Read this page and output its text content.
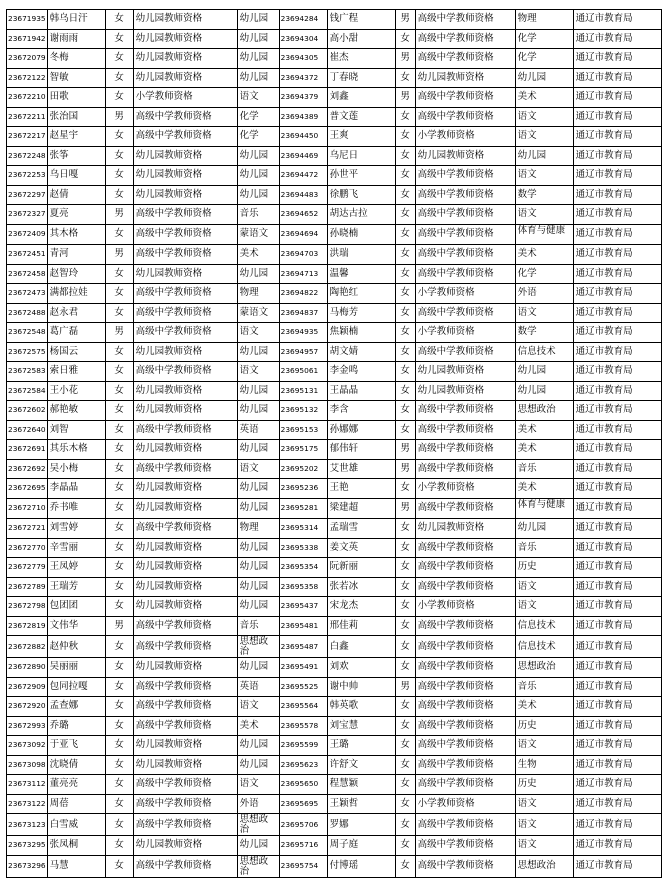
23671935	韩乌日汗	女	幼儿园教师资格	幼儿园	23694284	钱广程	男	高级中学教师资格	物理	通辽市教育局
23671942	谢雨雨	女	幼儿园教师资格	幼儿园	23694304	高小甜	女	高级中学教师资格	化学	通辽市教育局
23672079	冬梅	女	幼儿园教师资格	幼儿园	23694305	崔杰	男	高级中学教师资格	化学	通辽市教育局
23672122	智敏	女	幼儿园教师资格	幼儿园	23694372	丁春晓	女	幼儿园教师资格	幼儿园	通辽市教育局
23672210	田歌	女	小学教师资格	语文	23694379	刘鑫	男	高级中学教师资格	美术	通辽市教育局
23672211	张治国	男	高级中学教师资格	化学	23694389	普文莲	女	高级中学教师资格	语文	通辽市教育局
23672217	赵星宇	女	高级中学教师资格	化学	23694450	王爽	女	小学教师资格	语文	通辽市教育局
23672248	张筝	女	幼儿园教师资格	幼儿园	23694469	乌尼日	女	幼儿园教师资格	幼儿园	通辽市教育局
23672253	乌日嘎	女	幼儿园教师资格	幼儿园	23694472	孙世平	女	高级中学教师资格	语文	通辽市教育局
23672297	赵倩	女	幼儿园教师资格	幼儿园	23694483	徐鹏飞	女	高级中学教师资格	数学	通辽市教育局
23672327	夏亮	男	高级中学教师资格	音乐	23694652	胡达古拉	女	高级中学教师资格	语文	通辽市教育局
23672409	其木格	女	高级中学教师资格	蒙语文	23694694	孙晓楠	女	高级中学教师资格	体育与健康	通辽市教育局
23672451	青河	男	高级中学教师资格	美术	23694703	洪瑞	女	高级中学教师资格	美术	通辽市教育局
23672458	赵智玲	女	幼儿园教师资格	幼儿园	23694713	温馨	女	高级中学教师资格	化学	通辽市教育局
23672473	满都拉娃	女	高级中学教师资格	物理	23694822	陶艳红	女	小学教师资格	外语	通辽市教育局
23672488	赵永君	女	高级中学教师资格	蒙语文	23694837	马梅芳	女	高级中学教师资格	语文	通辽市教育局
23672548	葛广磊	男	高级中学教师资格	语文	23694935	焦颖楠	女	小学教师资格	数学	通辽市教育局
23672575	杨国云	女	幼儿园教师资格	幼儿园	23694957	胡文婧	女	高级中学教师资格	信息技术	通辽市教育局
23672583	索日雅	女	高级中学教师资格	语文	23695061	李金鸣	女	幼儿园教师资格	幼儿园	通辽市教育局
23672584	王小花	女	幼儿园教师资格	幼儿园	23695131	王晶晶	女	幼儿园教师资格	幼儿园	通辽市教育局
23672602	郝艳敏	女	幼儿园教师资格	幼儿园	23695132	李含	女	高级中学教师资格	思想政治	通辽市教育局
23672640	刘智	女	高级中学教师资格	英语	23695153	孙娜娜	女	高级中学教师资格	美术	通辽市教育局
23672691	其乐木格	女	幼儿园教师资格	幼儿园	23695175	郁伟轩	男	高级中学教师资格	美术	通辽市教育局
23672692	吴小梅	女	高级中学教师资格	语文	23695202	艾世雄	男	高级中学教师资格	音乐	通辽市教育局
23672695	李晶晶	女	幼儿园教师资格	幼儿园	23695236	王艳	女	小学教师资格	美术	通辽市教育局
23672710	乔书唯	女	幼儿园教师资格	幼儿园	23695281	梁建超	男	高级中学教师资格	体育与健康	通辽市教育局
23672721	刘雪婷	女	高级中学教师资格	物理	23695314	孟瑞雪	女	幼儿园教师资格	幼儿园	通辽市教育局
23672770	辛雪丽	女	幼儿园教师资格	幼儿园	23695338	姜文英	女	高级中学教师资格	音乐	通辽市教育局
23672779	王凤婷	女	幼儿园教师资格	幼儿园	23695354	阮新丽	女	高级中学教师资格	历史	通辽市教育局
23672789	王瑞芳	女	幼儿园教师资格	幼儿园	23695358	张若冰	女	高级中学教师资格	语文	通辽市教育局
23672798	包团团	女	幼儿园教师资格	幼儿园	23695437	宋龙杰	女	小学教师资格	语文	通辽市教育局
23672819	文伟华	男	高级中学教师资格	音乐	23695481	邢佳莉	女	高级中学教师资格	信息技术	通辽市教育局
23672882	赵仲秋	女	高级中学教师资格	思想政治	23695487	白鑫	女	高级中学教师资格	信息技术	通辽市教育局
23672890	吴丽丽	女	幼儿园教师资格	幼儿园	23695491	刘欢	女	高级中学教师资格	思想政治	通辽市教育局
23672909	包同拉嘎	女	高级中学教师资格	英语	23695525	谢中帅	男	高级中学教师资格	音乐	通辽市教育局
23672920	孟查娜	女	高级中学教师资格	语文	23695564	韩英歌	女	高级中学教师资格	美术	通辽市教育局
23672993	乔璐	女	高级中学教师资格	美术	23695578	刘宝慧	女	高级中学教师资格	历史	通辽市教育局
23673092	于亚飞	女	幼儿园教师资格	幼儿园	23695599	王璐	女	高级中学教师资格	语文	通辽市教育局
23673098	沈晓倩	女	幼儿园教师资格	幼儿园	23695623	许舒文	女	高级中学教师资格	生物	通辽市教育局
23673112	董亮亮	女	高级中学教师资格	语文	23695650	程慧颖	女	高级中学教师资格	历史	通辽市教育局
23673122	周蓓	女	高级中学教师资格	外语	23695695	王颖哲	女	小学教师资格	语文	通辽市教育局
23673123	白雪威	女	高级中学教师资格	思想政治	23695706	罗娜	女	高级中学教师资格	语文	通辽市教育局
23673295	张凤桐	女	幼儿园教师资格	幼儿园	23695716	周子庭	女	高级中学教师资格	语文	通辽市教育局
23673296	马慧	女	高级中学教师资格	思想政治	23695754	付博瑶	女	高级中学教师资格	思想政治	通辽市教育局
